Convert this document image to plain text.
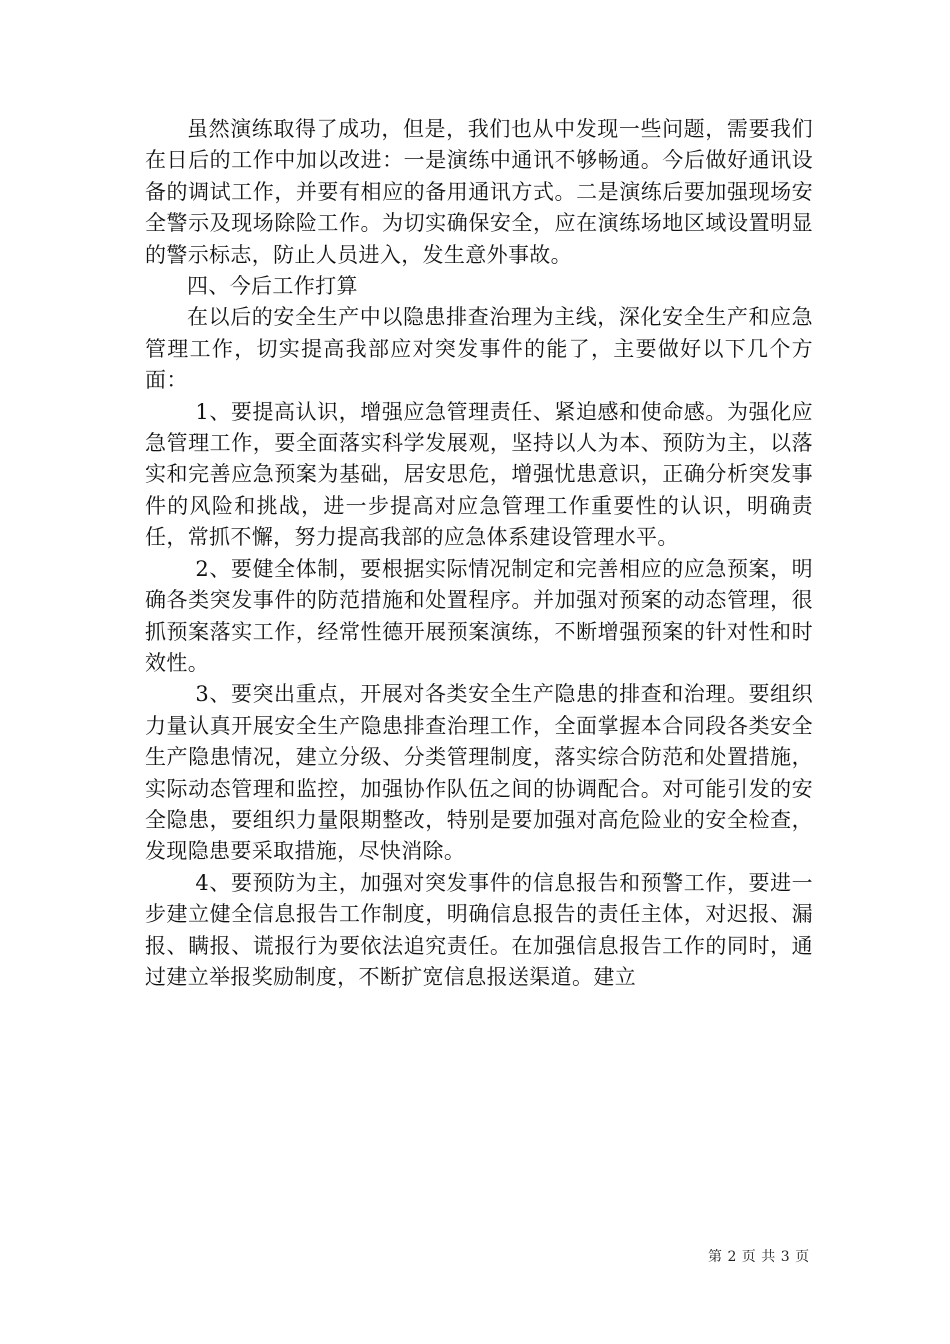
虽然演练取得了成功，但是，我们也从中发现一些问题，需要我们在日后的工作中加以改进：一是演练中通讯不够畅通。今后做好通讯设备的调试工作，并要有相应的备用通讯方式。二是演练后要加强现场安全警示及现场除险工作。为切实确保安全，应在演练场地区域设置明显的警示标志，防止人员进入，发生意外事故。

四、今后工作打算

在以后的安全生产中以隐患排查治理为主线，深化安全生产和应急管理工作，切实提高我部应对突发事件的能了，主要做好以下几个方面：

1、要提高认识，增强应急管理责任、紧迫感和使命感。为强化应急管理工作，要全面落实科学发展观，坚持以人为本、预防为主，以落实和完善应急预案为基础，居安思危，增强忧患意识，正确分析突发事件的风险和挑战，进一步提高对应急管理工作重要性的认识，明确责任，常抓不懈，努力提高我部的应急体系建设管理水平。

2、要健全体制，要根据实际情况制定和完善相应的应急预案，明确各类突发事件的防范措施和处置程序。并加强对预案的动态管理，很抓预案落实工作，经常性德开展预案演练，不断增强预案的针对性和时效性。

3、要突出重点，开展对各类安全生产隐患的排查和治理。要组织力量认真开展安全生产隐患排查治理工作，全面掌握本合同段各类安全生产隐患情况，建立分级、分类管理制度，落实综合防范和处置措施，实际动态管理和监控，加强协作队伍之间的协调配合。对可能引发的安全隐患，要组织力量限期整改，特别是要加强对高危险业的安全检查，发现隐患要采取措施，尽快消除。

4、要预防为主，加强对突发事件的信息报告和预警工作，要进一步建立健全信息报告工作制度，明确信息报告的责任主体，对迟报、漏报、瞒报、谎报行为要依法追究责任。在加强信息报告工作的同时，通过建立举报奖励制度，不断扩宽信息报送渠道。建立

第 2 页 共 3 页
